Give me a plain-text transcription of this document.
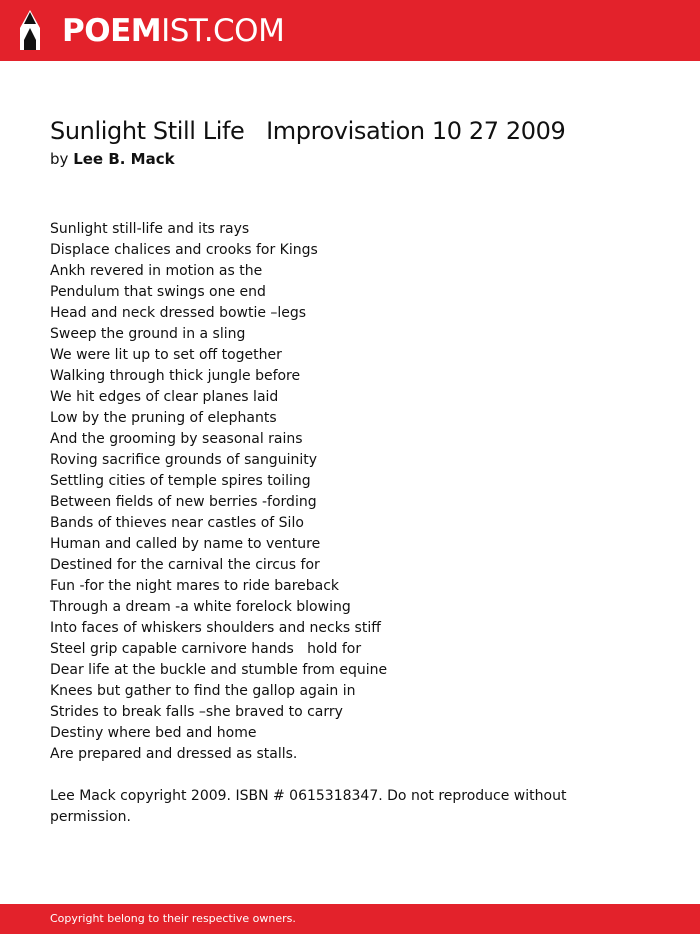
POEMIST.COM
Sunlight Still Life   Improvisation 10 27 2009
by Lee B. Mack
Sunlight still-life and its rays
Displace chalices and crooks for Kings
Ankh revered in motion as the
Pendulum that swings one end
Head and neck dressed bowtie –legs
Sweep the ground in a sling
We were lit up to set off together
Walking through thick jungle before
We hit edges of clear planes laid
Low by the pruning of elephants
And the grooming by seasonal rains
Roving sacrifice grounds of sanguinity
Settling cities of temple spires toiling
Between fields of new berries -fording
Bands of thieves near castles of Silo
Human and called by name to venture
Destined for the carnival the circus for
Fun -for the night mares to ride bareback
Through a dream -a white forelock blowing
Into faces of whiskers shoulders and necks stiff
Steel grip capable carnivore hands   hold for
Dear life at the buckle and stumble from equine
Knees but gather to find the gallop again in
Strides to break falls –she braved to carry
Destiny where bed and home
Are prepared and dressed as stalls.
Lee Mack copyright 2009. ISBN # 0615318347. Do not reproduce without permission.
Copyright belong to their respective owners.
